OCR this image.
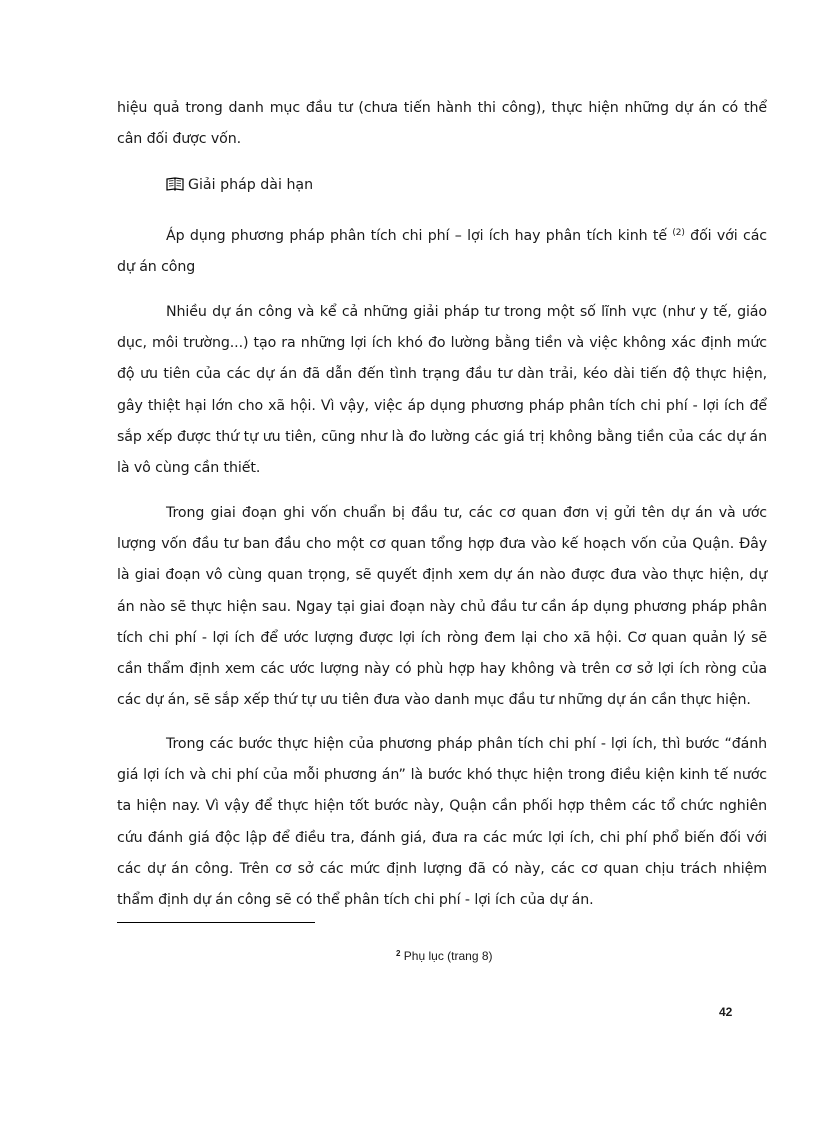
hiệu quả trong danh mục đầu tư (chưa tiến hành thi công), thực hiện những dự án có thể cân đối được vốn.

Giải pháp dài hạn

Áp dụng phương pháp phân tích chi phí – lợi ích hay phân tích kinh tế $^{(2)}$ đối với các dự án công

Nhiều dự án công và kể cả những giải pháp tư trong một số lĩnh vực (như y tế, giáo dục, môi trường...) tạo ra những lợi ích khó đo lường bằng tiền và việc không xác định mức độ ưu tiên của các dự án đã dẫn đến tình trạng đầu tư dàn trải, kéo dài tiến độ thực hiện, gây thiệt hại lớn cho xã hội. Vì vậy, việc áp dụng phương pháp phân tích chi phí - lợi ích để sắp xếp được thứ tự ưu tiên, cũng như là đo lường các giá trị không bằng tiền của các dự án là vô cùng cần thiết.

Trong giai đoạn ghi vốn chuẩn bị đầu tư, các cơ quan đơn vị gửi tên dự án và ước lượng vốn đầu tư ban đầu cho một cơ quan tổng hợp đưa vào kế hoạch vốn của Quận. Đây là giai đoạn vô cùng quan trọng, sẽ quyết định xem dự án nào được đưa vào thực hiện, dự án nào sẽ thực hiện sau. Ngay tại giai đoạn này chủ đầu tư cần áp dụng phương pháp phân tích chi phí - lợi ích để ước lượng được lợi ích ròng đem lại cho xã hội. Cơ quan quản lý sẽ cần thẩm định xem các ước lượng này có phù hợp hay không và trên cơ sở lợi ích ròng của các dự án, sẽ sắp xếp thứ tự ưu tiên đưa vào danh mục đầu tư những dự án cần thực hiện.

Trong các bước thực hiện của phương pháp phân tích chi phí - lợi ích, thì bước “đánh giá lợi ích và chi phí của mỗi phương án” là bước khó thực hiện trong điều kiện kinh tế nước ta hiện nay. Vì vậy để thực hiện tốt bước này, Quận cần phối hợp thêm các tổ chức nghiên cứu đánh giá độc lập để điều tra, đánh giá, đưa ra các mức lợi ích, chi phí phổ biến đối với các dự án công. Trên cơ sở các mức định lượng đã có này, các cơ quan chịu trách nhiệm thẩm định dự án công sẽ có thể phân tích chi phí - lợi ích của dự án.

$^2$ Phụ lục (trang 8)

42
